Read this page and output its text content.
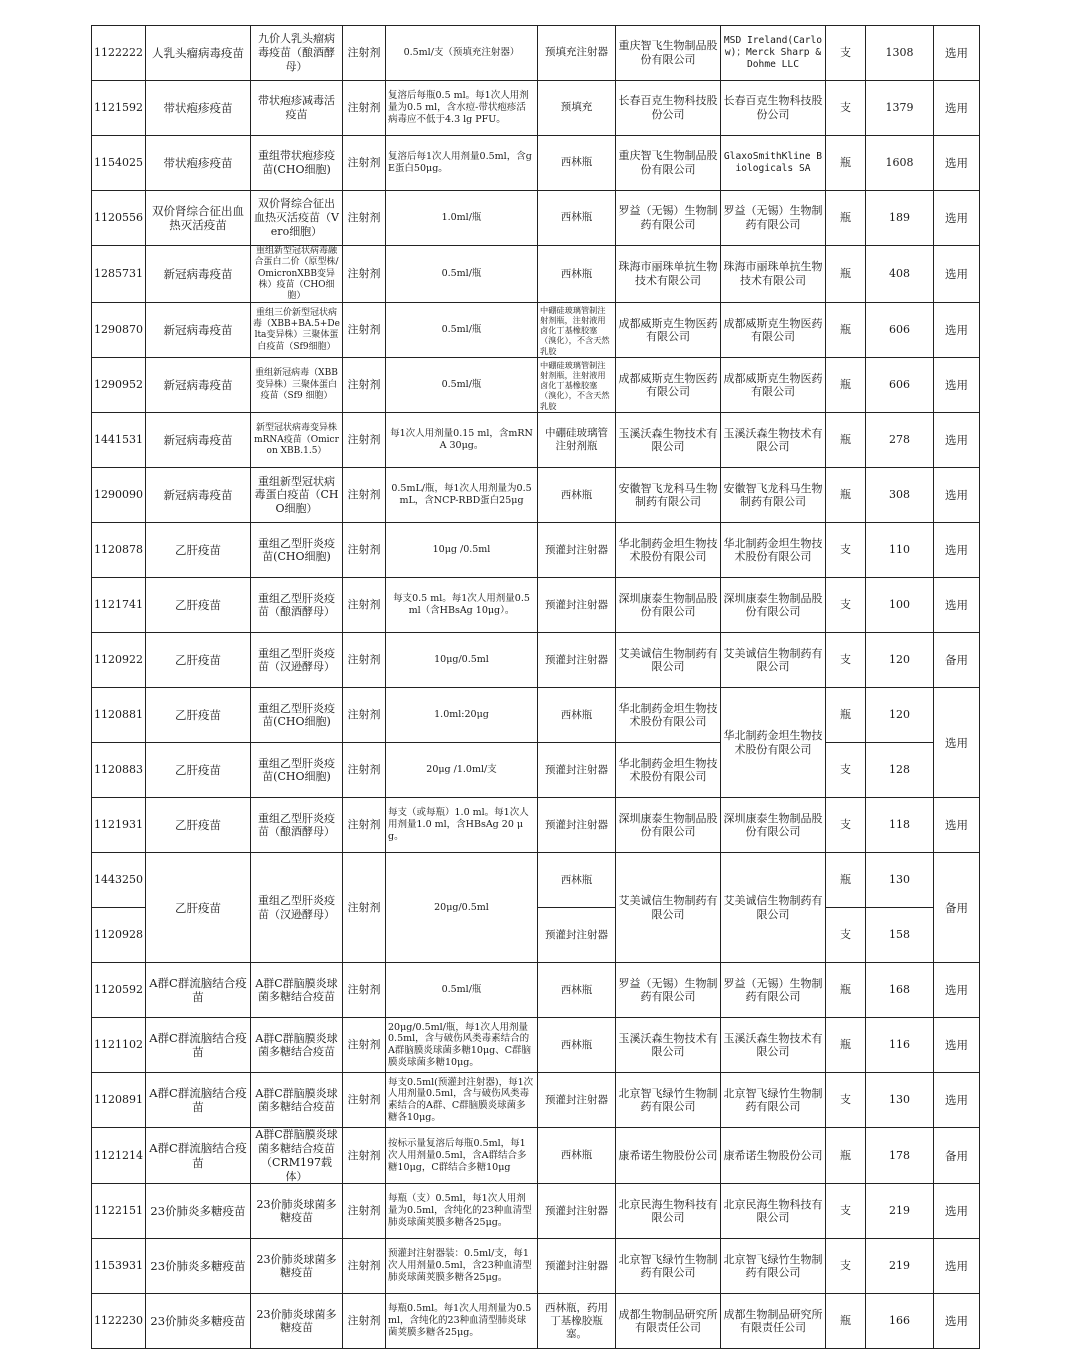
1122222	人乳头瘤病毒疫苗	九价人乳头瘤病毒疫苗（酿酒酵母）	注射剂	0.5ml/支（预填充注射器）	预填充注射器	重庆智飞生物制品股份有限公司	MSD Ireland(Carlow)；Merck Sharp & Dohme LLC	支	1308	选用
1121592	带状疱疹疫苗	带状疱疹减毒活疫苗	注射剂	复溶后每瓶0.5 ml。每1次人用剂量为0.5 ml，含水痘-带状疱疹活病毒应不低于4.3 lg PFU。	预填充	长春百克生物科技股份公司	长春百克生物科技股份公司	支	1379	选用
1154025	带状疱疹疫苗	重组带状疱疹疫苗(CHO细胞)	注射剂	复溶后每1次人用剂量0.5ml，含gE蛋白50μg。	西林瓶	重庆智飞生物制品股份有限公司	GlaxoSmithKline Biologicals SA	瓶	1608	选用
1120556	双价肾综合征出血热灭活疫苗	双价肾综合征出血热灭活疫苗（Vero细胞）	注射剂	1.0ml/瓶	西林瓶	罗益（无锡）生物制药有限公司	罗益（无锡）生物制药有限公司	瓶	189	选用
1285731	新冠病毒疫苗	重组新型冠状病毒融合蛋白二价（原型株/OmicronXBB变异株）疫苗（CHO细胞）	注射剂	0.5ml/瓶	西林瓶	珠海市丽珠单抗生物技术有限公司	珠海市丽珠单抗生物技术有限公司	瓶	408	选用
1290870	新冠病毒疫苗	重组三价新型冠状病毒（XBB+BA.5+Delta变异株）三聚体蛋白疫苗（Sf9细胞）	注射剂	0.5ml/瓶	中硼硅玻璃管制注射剂瓶，注射液用卤化丁基橡胶塞（溴化），不含天然乳胶	成都威斯克生物医药有限公司	成都威斯克生物医药有限公司	瓶	606	选用
1290952	新冠病毒疫苗	重组新冠病毒（XBB变异株）三聚体蛋白疫苗（Sf9 细胞）	注射剂	0.5ml/瓶	中硼硅玻璃管制注射剂瓶，注射液用卤化丁基橡胶塞（溴化），不含天然乳胶	成都威斯克生物医药有限公司	成都威斯克生物医药有限公司	瓶	606	选用
1441531	新冠病毒疫苗	新型冠状病毒变异株mRNA疫苗（Omicron XBB.1.5）	注射剂	每1次人用剂量0.15 ml，含mRNA 30μg。	中硼硅玻璃管注射剂瓶	玉溪沃森生物技术有限公司	玉溪沃森生物技术有限公司	瓶	278	选用
1290090	新冠病毒疫苗	重组新型冠状病毒蛋白疫苗（CHO细胞）	注射剂	0.5mL/瓶，每1次人用剂量为0.5mL，含NCP-RBD蛋白25μg	西林瓶	安徽智飞龙科马生物制药有限公司	安徽智飞龙科马生物制药有限公司	瓶	308	选用
1120878	乙肝疫苗	重组乙型肝炎疫苗(CHO细胞)	注射剂	10μg /0.5ml	预灌封注射器	华北制药金坦生物技术股份有限公司	华北制药金坦生物技术股份有限公司	支	110	选用
1121741	乙肝疫苗	重组乙型肝炎疫苗（酿酒酵母）	注射剂	每支0.5 ml。每1次人用剂量0.5 ml（含HBsAg 10μg）。	预灌封注射器	深圳康泰生物制品股份有限公司	深圳康泰生物制品股份有限公司	支	100	选用
1120922	乙肝疫苗	重组乙型肝炎疫苗（汉逊酵母）	注射剂	10μg/0.5ml	预灌封注射器	艾美诚信生物制药有限公司	艾美诚信生物制药有限公司	支	120	备用
1120881	乙肝疫苗	重组乙型肝炎疫苗(CHO细胞)	注射剂	1.0ml:20μg	西林瓶	华北制药金坦生物技术股份有限公司	华北制药金坦生物技术股份有限公司	瓶	120	选用
1120883	乙肝疫苗	重组乙型肝炎疫苗(CHO细胞)	注射剂	20μg /1.0ml/支	预灌封注射器	华北制药金坦生物技术股份有限公司		支	128	
1121931	乙肝疫苗	重组乙型肝炎疫苗（酿酒酵母）	注射剂	每支（或每瓶）1.0 ml。每1次人用剂量1.0 ml，含HBsAg 20 μg。	预灌封注射器	深圳康泰生物制品股份有限公司	深圳康泰生物制品股份有限公司	支	118	选用
1443250	乙肝疫苗	重组乙型肝炎疫苗（汉逊酵母）	注射剂	20μg/0.5ml	西林瓶	艾美诚信生物制药有限公司	艾美诚信生物制药有限公司	瓶	130	备用
1120928					预灌封注射器			支	158	
1120592	A群C群流脑结合疫苗	A群C群脑膜炎球菌多糖结合疫苗	注射剂	0.5ml/瓶	西林瓶	罗益（无锡）生物制药有限公司	罗益（无锡）生物制药有限公司	瓶	168	选用
1121102	A群C群流脑结合疫苗	A群C群脑膜炎球菌多糖结合疫苗	注射剂	20μg/0.5ml/瓶，每1次人用剂量0.5ml，含与破伤风类毒素结合的A群脑膜炎球菌多糖10μg、C群脑膜炎球菌多糖10μg。	西林瓶	玉溪沃森生物技术有限公司	玉溪沃森生物技术有限公司	瓶	116	选用
1120891	A群C群流脑结合疫苗	A群C群脑膜炎球菌多糖结合疫苗	注射剂	每支0.5ml(预灌封注射器)，每1次人用剂量0.5ml，含与破伤风类毒素结合的A群、C群脑膜炎球菌多糖各10μg。	预灌封注射器	北京智飞绿竹生物制药有限公司	北京智飞绿竹生物制药有限公司	支	130	选用
1121214	A群C群流脑结合疫苗	A群C群脑膜炎球菌多糖结合疫苗（CRM197载体）	注射剂	按标示量复溶后每瓶0.5ml，每1次人用剂量0.5ml，含A群结合多糖10μg，C群结合多糖10μg	西林瓶	康希诺生物股份公司	康希诺生物股份公司	瓶	178	备用
1122151	23价肺炎多糖疫苗	23价肺炎球菌多糖疫苗	注射剂	每瓶（支）0.5ml，每1次人用剂量为0.5ml，含纯化的23种血清型肺炎球菌荚膜多糖各25μg。	预灌封注射器	北京民海生物科技有限公司	北京民海生物科技有限公司	支	219	选用
1153931	23价肺炎多糖疫苗	23价肺炎球菌多糖疫苗	注射剂	预灌封注射器装：0.5ml/支，每1次人用剂量0.5ml，含23种血清型肺炎球菌荚膜多糖各25μg。	预灌封注射器	北京智飞绿竹生物制药有限公司	北京智飞绿竹生物制药有限公司	支	219	选用
1122230	23价肺炎多糖疫苗	23价肺炎球菌多糖疫苗	注射剂	每瓶0.5ml。每1次人用剂量为0.5ml，含纯化的23种血清型肺炎球菌荚膜多糖各25μg。	西林瓶，药用丁基橡胶瓶塞。	成都生物制品研究所有限责任公司	成都生物制品研究所有限责任公司	瓶	166	选用
